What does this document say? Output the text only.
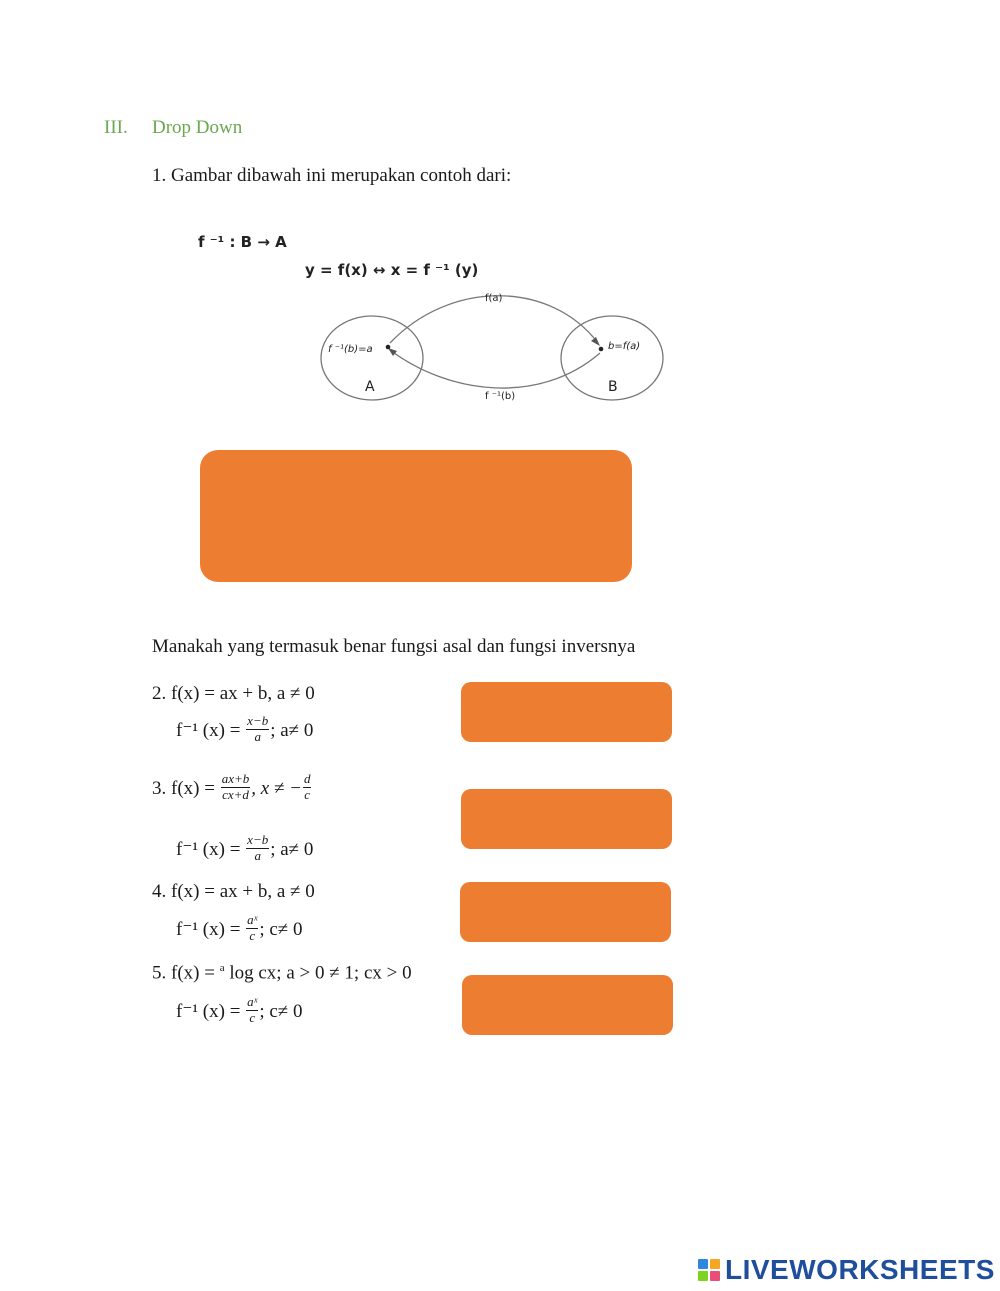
III. Drop Down
1. Gambar dibawah ini merupakan contoh dari:
f ⁻¹ : B → A
y = f(x) ↔ x = f ⁻¹ (y)
f(a)
f ⁻¹(b)
f ⁻¹(b)=a	b=f(a)
A	B
Manakah yang termasuk benar fungsi asal dan fungsi inversnya
2. f(x) = ax + b, a ≠ 0
f⁻¹ $(x) = \frac{x-b}{a}$ ; a≠ 0
3. $f(x) = \frac{ax+b}{cx+d}$ , x ≠ − $\frac{d}{c}$
f⁻¹ $(x) = \frac{x-b}{a}$ ; a≠ 0
4. f(x) = ax + b, a ≠ 0
f⁻¹ $(x) = \frac{\text{aˣ}}{c}$ ; c≠ 0
5. f(x) = $^a$ log cx; a > 0 ≠ 1; cx > 0
f⁻¹ $(x) = \frac{\text{aˣ}}{c}$ ; c≠ 0
LIVEWORKSHEETS
